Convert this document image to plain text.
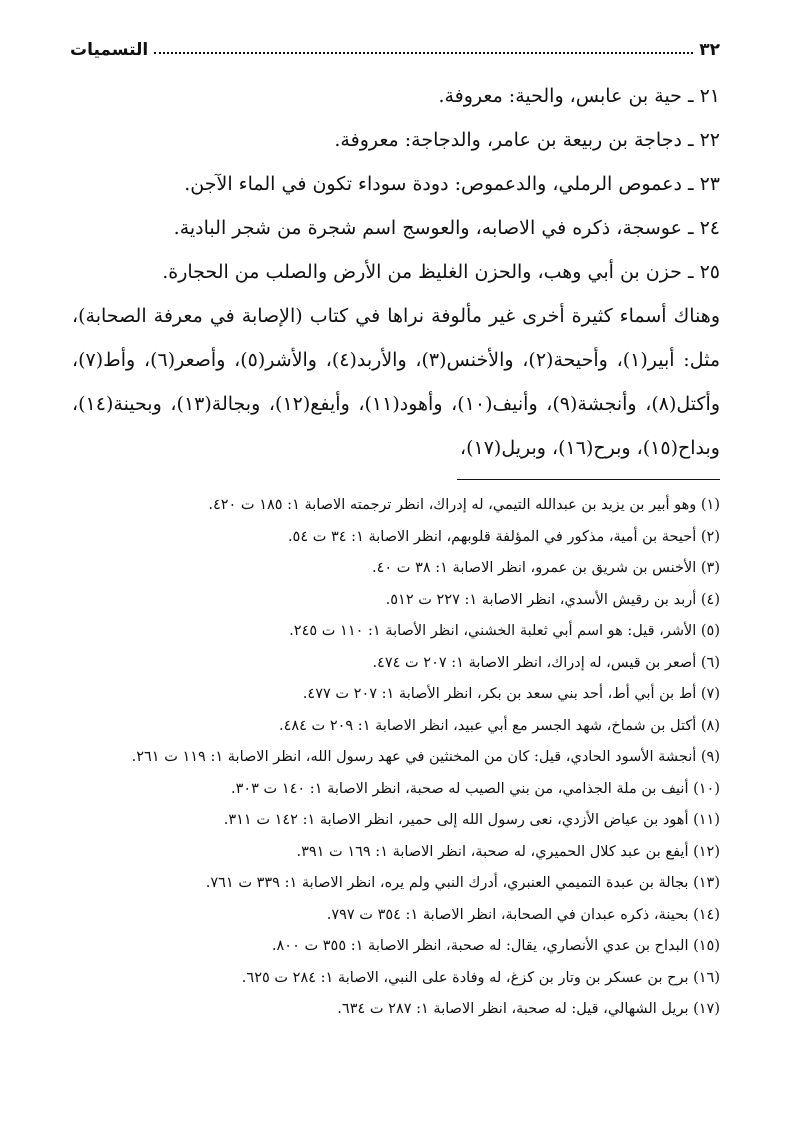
٣٢
التسميات
٢١ ـ حية بن عابس، والحية: معروفة.
٢٢ ـ دجاجة بن ربيعة بن عامر، والدجاجة: معروفة.
٢٣ ـ دعموص الرملي، والدعموص: دودة سوداء تكون في الماء الآجن.
٢٤ ـ عوسجة، ذكره في الاصابه، والعوسج اسم شجرة من شجر البادية.
٢٥ ـ حزن بن أبي وهب، والحزن الغليظ من الأرض والصلب من الحجارة.
وهناك أسماء كثيرة أخرى غير مألوفة نراها في كتاب (الإصابة في معرفة الصحابة)، مثل: أبير(١)، وأحيحة(٢)، والأخنس(٣)، والأربد(٤)، والأشر(٥)، وأصعر(٦)، وأط(٧)، وأكتل(٨)، وأنجشة(٩)، وأنيف(١٠)، وأهود(١١)، وأيفع(١٢)، وبجالة(١٣)، وبحينة(١٤)، وبداح(١٥)، وبرح(١٦)، وبريل(١٧)،
(١) وهو أبير بن يزيد بن عبدالله التيمي، له إدراك، انظر ترجمته الاصابة ١: ١٨٥ ت ٤٢٠.
(٢) أحيحة بن أمية، مذكور في المؤلفة قلوبهم، انظر الاصابة ١: ٣٤ ت ٥٤.
(٣) الأخنس بن شريق بن عمرو، انظر الاصابة ١: ٣٨ ت ٤٠.
(٤) أربد بن رقيش الأسدي، انظر الاصابة ١: ٢٢٧ ت ٥١٢.
(٥) الأشر، قيل: هو اسم أبي ثعلبة الخشني، انظر الأصابة ١: ١١٠ ت ٢٤٥.
(٦) أصعر بن قيس، له إدراك، انظر الاصابة ١: ٢٠٧ ت ٤٧٤.
(٧) أط بن أبي أط، أحد بني سعد بن بكر، انظر الأصابة ١: ٢٠٧ ت ٤٧٧.
(٨) أكتل بن شماخ، شهد الجسر مع أبي عبيد، انظر الاصابة ١: ٢٠٩ ت ٤٨٤.
(٩) أنجشة الأسود الحادي، قيل: كان من المخنثين في عهد رسول الله، انظر الاصابة ١: ١١٩ ت ٢٦١.
(١٠) أنيف بن ملة الجذامي، من بني الصيب له صحبة، انظر الاصابة ١: ١٤٠ ت ٣٠٣.
(١١) أهود بن عياض الأزدي، نعى رسول الله إلى حمير، انظر الاصابة ١: ١٤٢ ت ٣١١.
(١٢) أيفع بن عبد كلال الحميري، له صحبة، انظر الاصابة ١: ١٦٩ ت ٣٩١.
(١٣) بجالة بن عبدة التميمي العنبري، أدرك النبي ولم يره، انظر الاصابة ١: ٣٣٩ ت ٧٦١.
(١٤) بحينة، ذكره عبدان في الصحابة، انظر الاصابة ١: ٣٥٤ ت ٧٩٧.
(١٥) البداح بن عدي الأنصاري، يقال: له صحبة، انظر الاصابة ١: ٣٥٥ ت ٨٠٠.
(١٦) برح بن عسكر بن وتار بن كزغ، له وفادة على النبي، الاصابة ١: ٢٨٤ ت ٦٢٥.
(١٧) بريل الشهالي، قيل: له صحبة، انظر الاصابة ١: ٢٨٧ ت ٦٣٤.
